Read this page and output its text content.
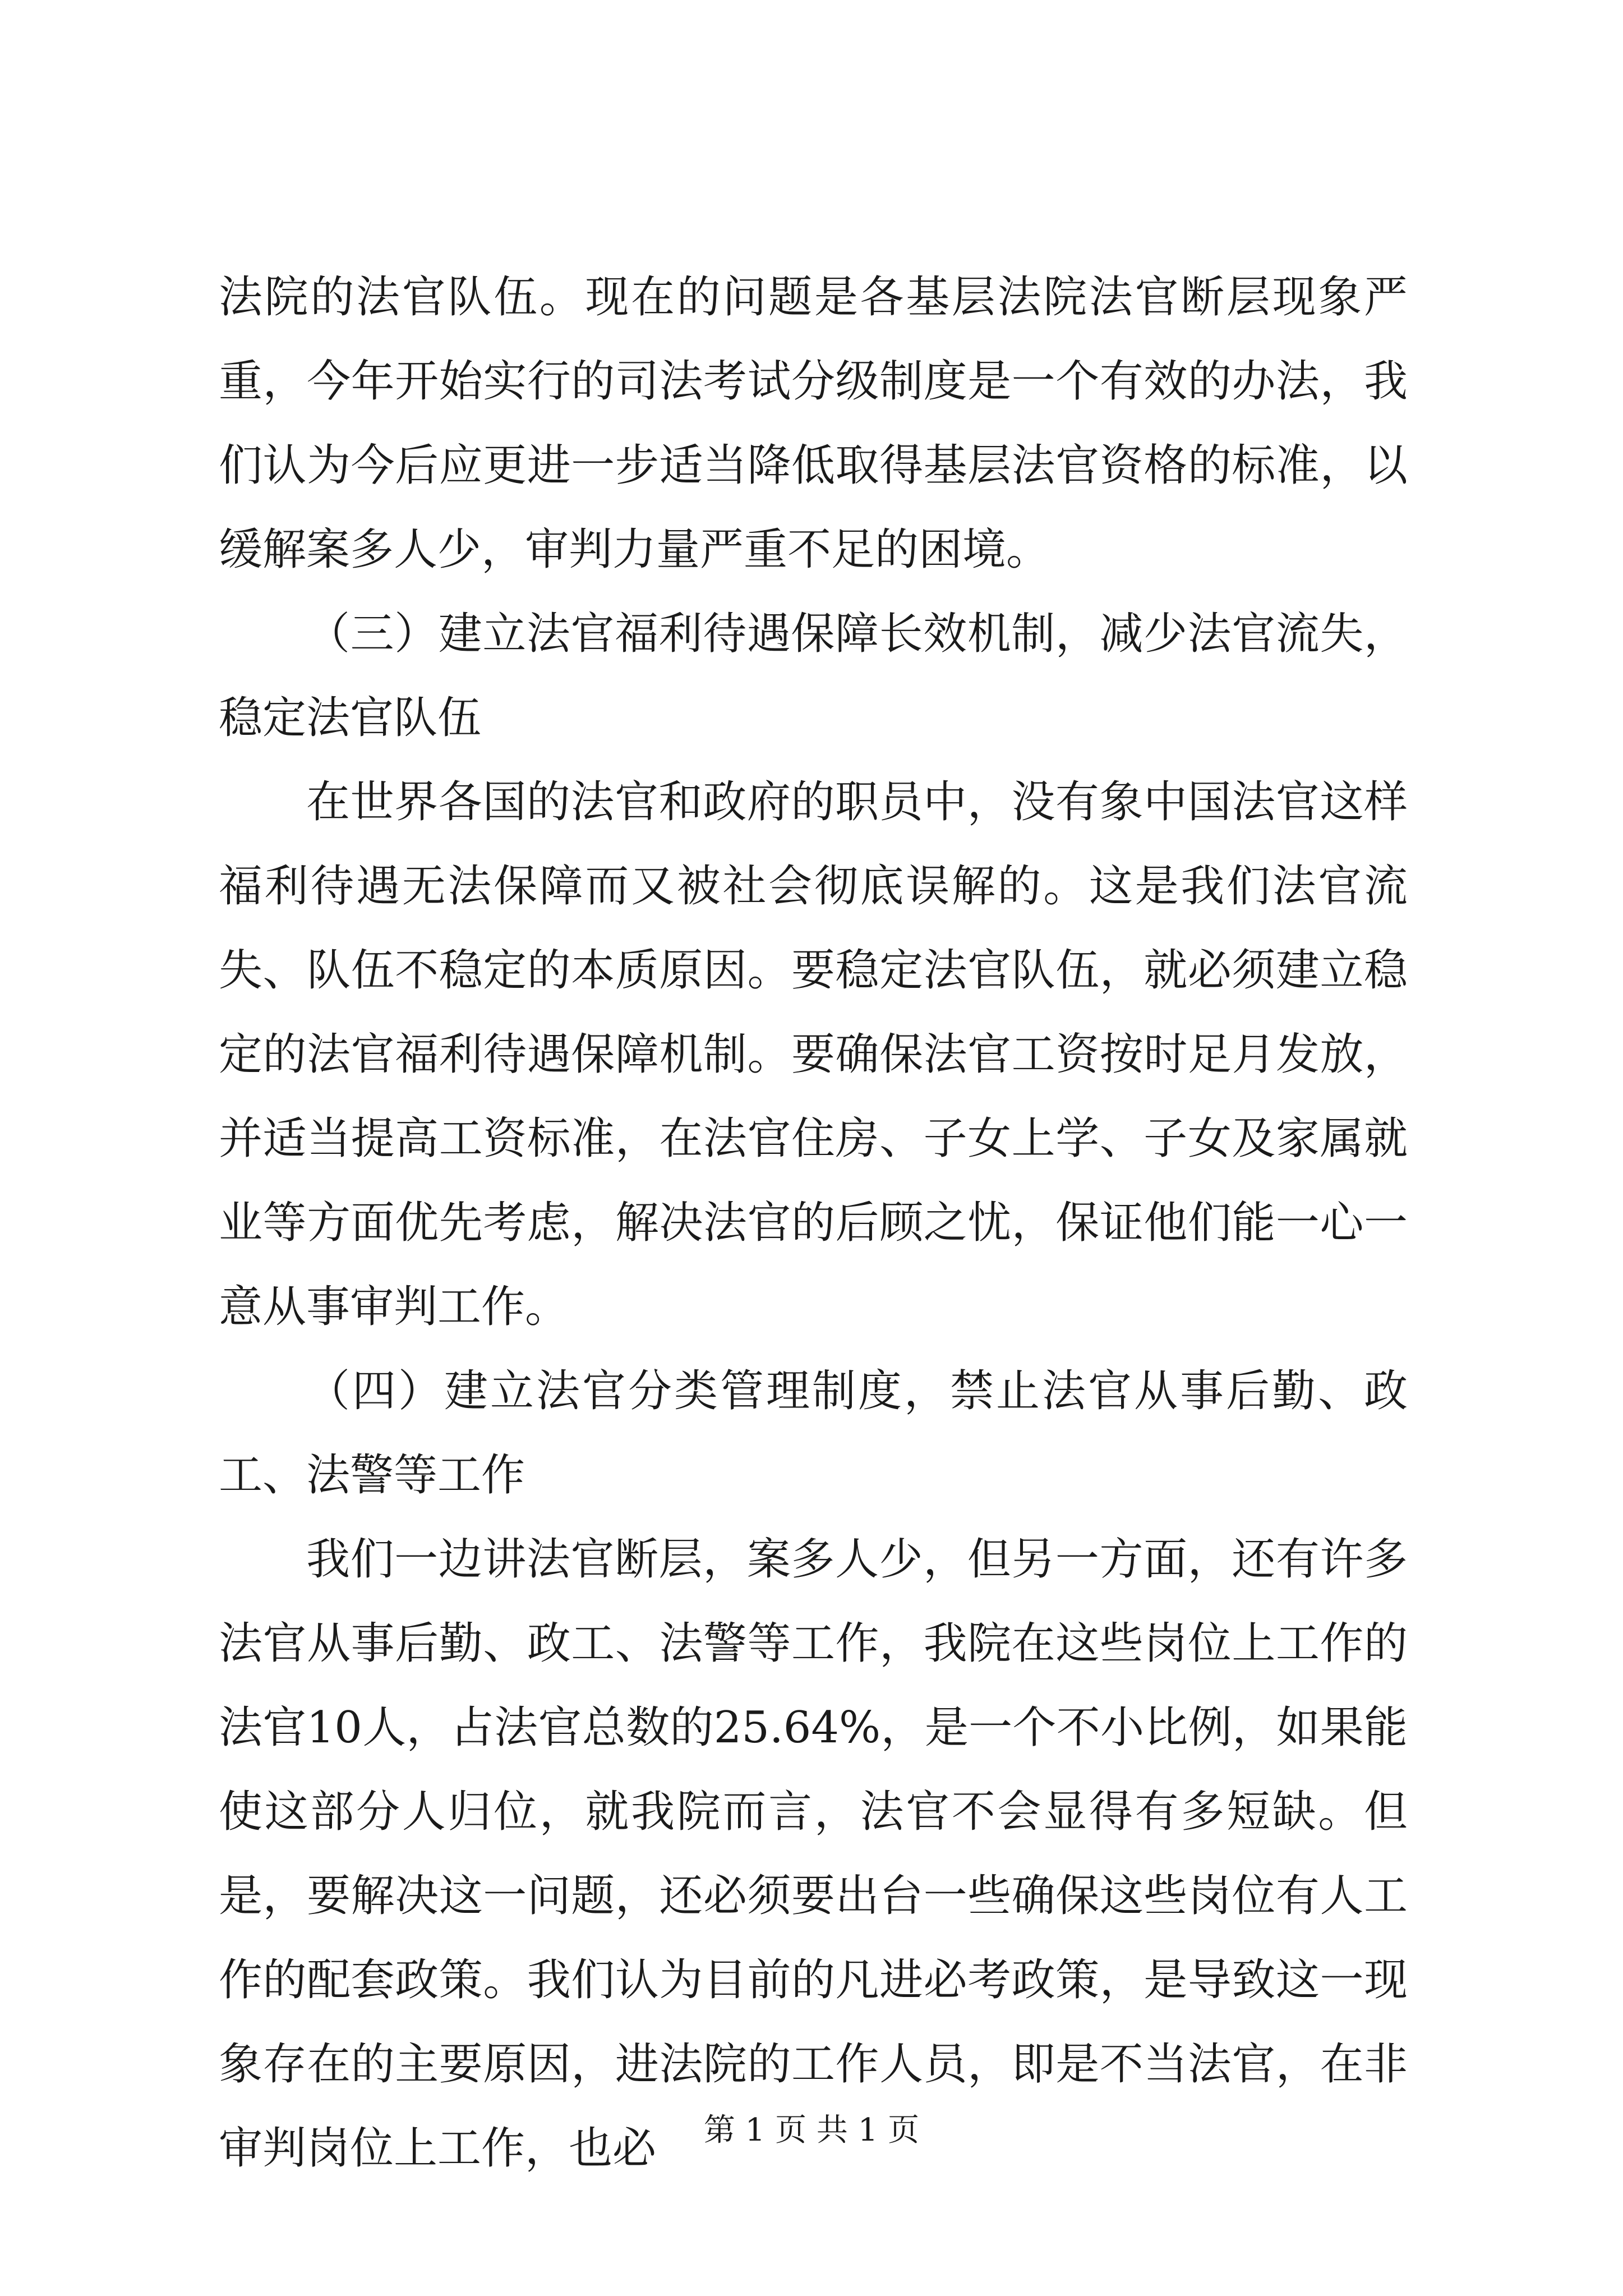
法院的法官队伍。现在的问题是各基层法院法官断层现象严重，今年开始实行的司法考试分级制度是一个有效的办法，我们认为今后应更进一步适当降低取得基层法官资格的标准，以缓解案多人少，审判力量严重不足的困境。

（三）建立法官福利待遇保障长效机制，减少法官流失，稳定法官队伍

在世界各国的法官和政府的职员中，没有象中国法官这样福利待遇无法保障而又被社会彻底误解的。这是我们法官流失、队伍不稳定的本质原因。要稳定法官队伍，就必须建立稳定的法官福利待遇保障机制。要确保法官工资按时足月发放，并适当提高工资标准，在法官住房、子女上学、子女及家属就业等方面优先考虑，解决法官的后顾之忧，保证他们能一心一意从事审判工作。

（四）建立法官分类管理制度，禁止法官从事后勤、政工、法警等工作

我们一边讲法官断层，案多人少，但另一方面，还有许多法官从事后勤、政工、法警等工作，我院在这些岗位上工作的法官10人，占法官总数的25.64%，是一个不小比例，如果能使这部分人归位，就我院而言，法官不会显得有多短缺。但是，要解决这一问题，还必须要出台一些确保这些岗位有人工作的配套政策。我们认为目前的凡进必考政策，是导致这一现象存在的主要原因，进法院的工作人员，即是不当法官，在非审判岗位上工作，也必	第 1 页 共 1 页
